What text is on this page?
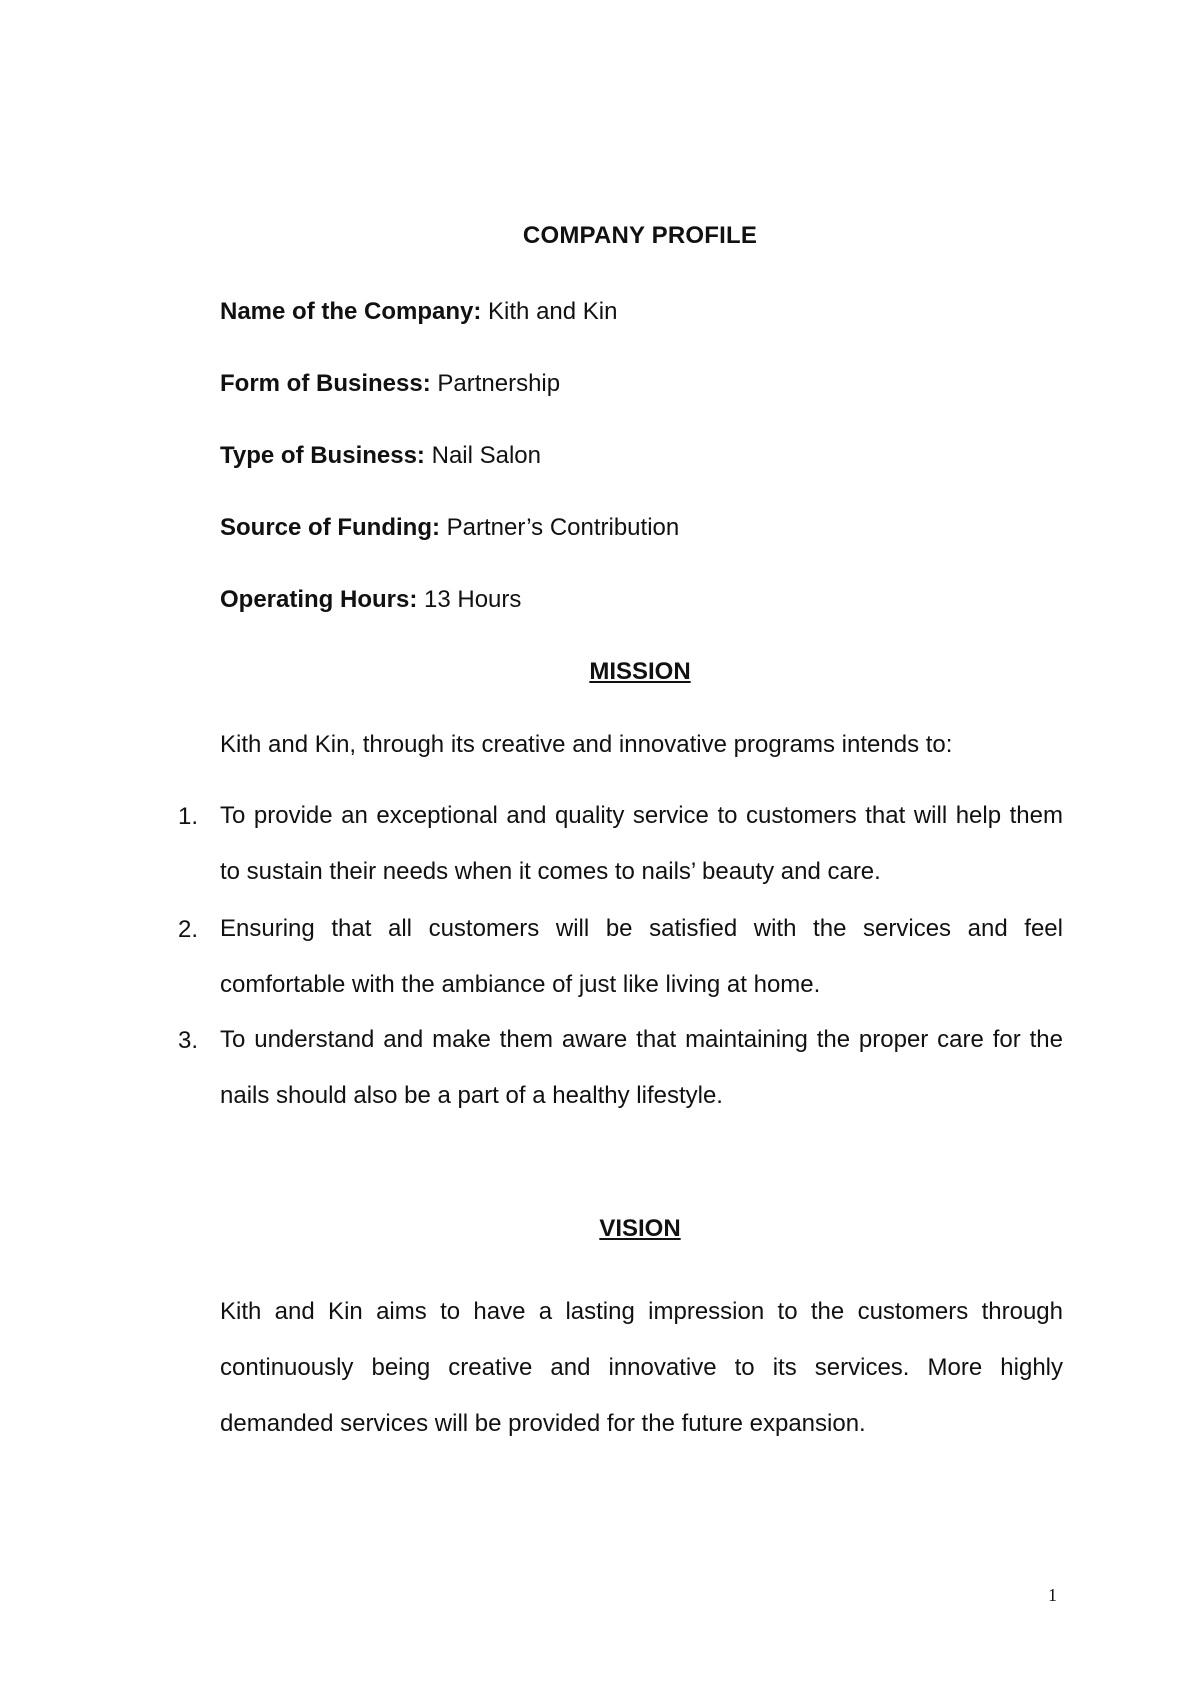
COMPANY PROFILE
Name of the Company: Kith and Kin
Form of Business: Partnership
Type of Business: Nail Salon
Source of Funding: Partner’s Contribution
Operating Hours: 13 Hours
MISSION
Kith and Kin, through its creative and innovative programs intends to:
1. To provide an exceptional and quality service to customers that will help them to sustain their needs when it comes to nails’ beauty and care.
2. Ensuring that all customers will be satisfied with the services and feel comfortable with the ambiance of just like living at home.
3. To understand and make them aware that maintaining the proper care for the nails should also be a part of a healthy lifestyle.
VISION
Kith and Kin aims to have a lasting impression to the customers through continuously being creative and innovative to its services. More highly demanded services will be provided for the future expansion.
1
